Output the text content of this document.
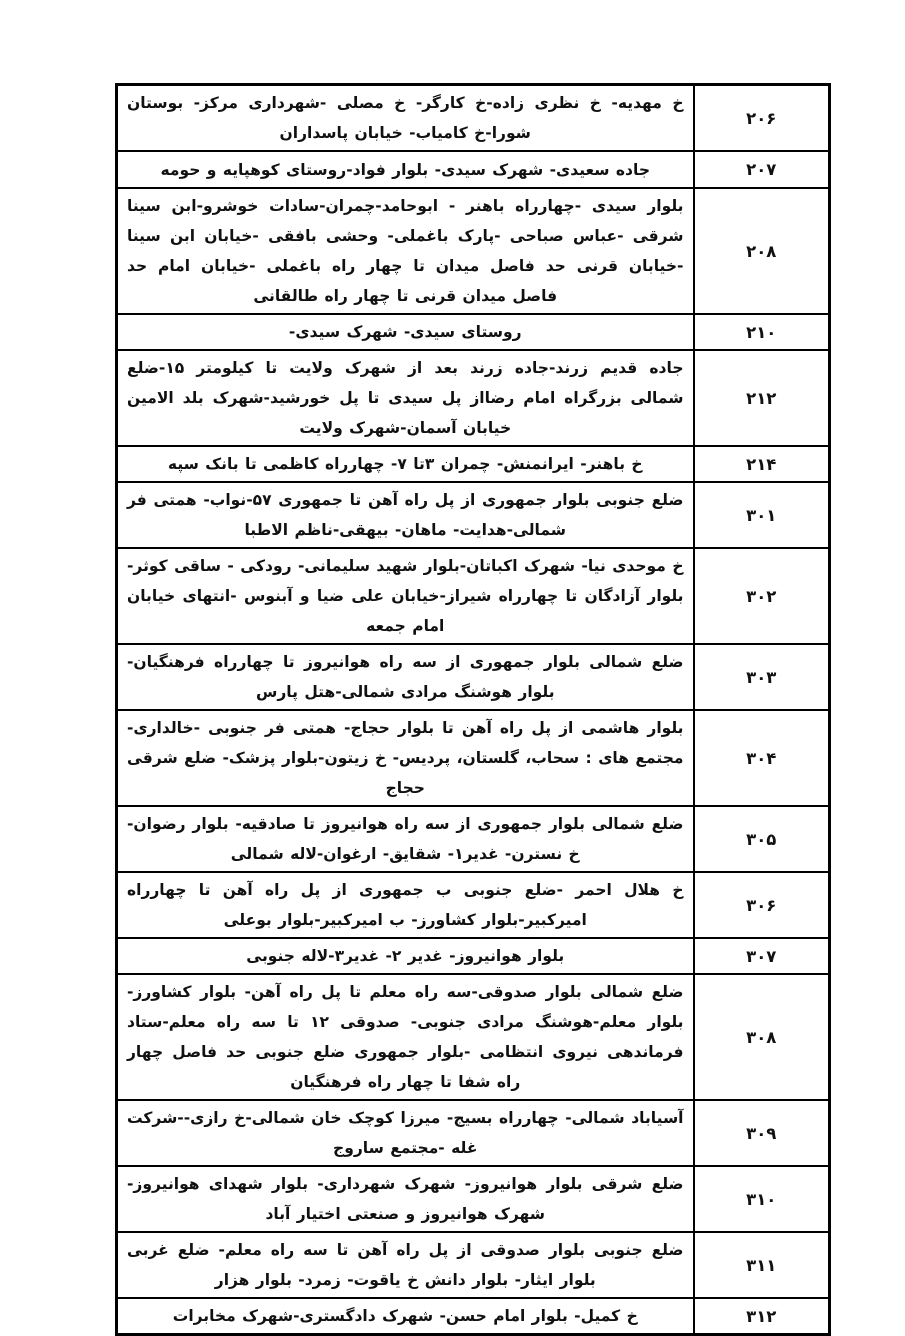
خ مهدیه- خ نظری زاده-خ کارگر- خ مصلی -شهرداری مرکز- بوستان شورا-خ کامیاب- خیابان پاسداران	۲۰۶
جاده سعیدی- شهرک سیدی- بلوار فواد-روستای کوهپایه و حومه	۲۰۷
بلوار سیدی -چهارراه باهنر - ابوحامد-چمران-سادات خوشرو-ابن سینا شرقی -عباس صباحی -پارک باغملی- وحشی بافقی -خیابان ابن سینا -خیابان قرنی حد فاصل میدان تا چهار راه باغملی -خیابان امام حد فاصل میدان قرنی تا چهار راه طالقانی	۲۰۸
روستای سیدی- شهرک سیدی-	۲۱۰
جاده قدیم زرند-جاده زرند بعد از شهرک ولایت تا کیلومتر ۱۵-ضلع شمالی بزرگراه امام رضااز پل سیدی تا پل خورشید-شهرک بلد الامین خیابان آسمان-شهرک ولایت	۲۱۲
خ باهنر- ایرانمنش- چمران ۳تا ۷- چهارراه کاظمی تا بانک سپه	۲۱۴
ضلع جنوبی بلوار جمهوری از پل راه آهن تا جمهوری ۵۷-نواب- همتی فر شمالی-هدایت- ماهان- بیهقی-ناظم الاطبا	۳۰۱
خ موحدی نیا- شهرک اکباتان-بلوار شهید سلیمانی- رودکی - ساقی کوثر- بلوار آزادگان تا چهارراه شیراز-خیابان علی ضیا و آبنوس -انتهای خیابان امام جمعه	۳۰۲
ضلع شمالی بلوار جمهوری از سه راه هوانیروز تا چهارراه فرهنگیان- بلوار هوشنگ مرادی شمالی-هتل پارس	۳۰۳
بلوار هاشمی از پل راه آهن تا بلوار حجاج- همتی فر جنوبی -خالداری- مجتمع های : سحاب، گلستان، پردیس- خ زیتون-بلوار پزشک- ضلع شرقی حجاج	۳۰۴
ضلع شمالی بلوار جمهوری از سه راه هوانیروز تا صادقیه- بلوار رضوان- خ نسترن- غدیر۱- شقایق- ارغوان-لاله شمالی	۳۰۵
خ هلال احمر -ضلع جنوبی ب جمهوری از پل راه آهن تا چهارراه امیرکبیر-بلوار کشاورز- ب امیرکبیر-بلوار بوعلی	۳۰۶
بلوار هوانیروز- غدیر ۲- غدیر۳-لاله جنوبی	۳۰۷
ضلع شمالی بلوار صدوقی-سه راه معلم تا پل راه آهن- بلوار کشاورز- بلوار معلم-هوشنگ مرادی جنوبی- صدوقی ۱۲ تا سه راه معلم-ستاد فرماندهی نیروی انتظامی -بلوار جمهوری ضلع جنوبی حد فاصل چهار راه شفا تا چهار راه فرهنگیان	۳۰۸
آسیاباد شمالی- چهارراه بسیج- میرزا کوچک خان شمالی-خ رازی--شرکت غله -مجتمع ساروج	۳۰۹
ضلع شرقی بلوار هوانیروز- شهرک شهرداری- بلوار شهدای هوانیروز- شهرک هوانیروز و صنعتی اختیار آباد	۳۱۰
ضلع جنوبی بلوار صدوقی از پل راه آهن تا سه راه معلم- ضلع غربی بلوار ایثار- بلوار دانش خ یاقوت- زمرد- بلوار هزار	۳۱۱
خ کمیل- بلوار امام حسن- شهرک دادگستری-شهرک مخابرات	۳۱۲
